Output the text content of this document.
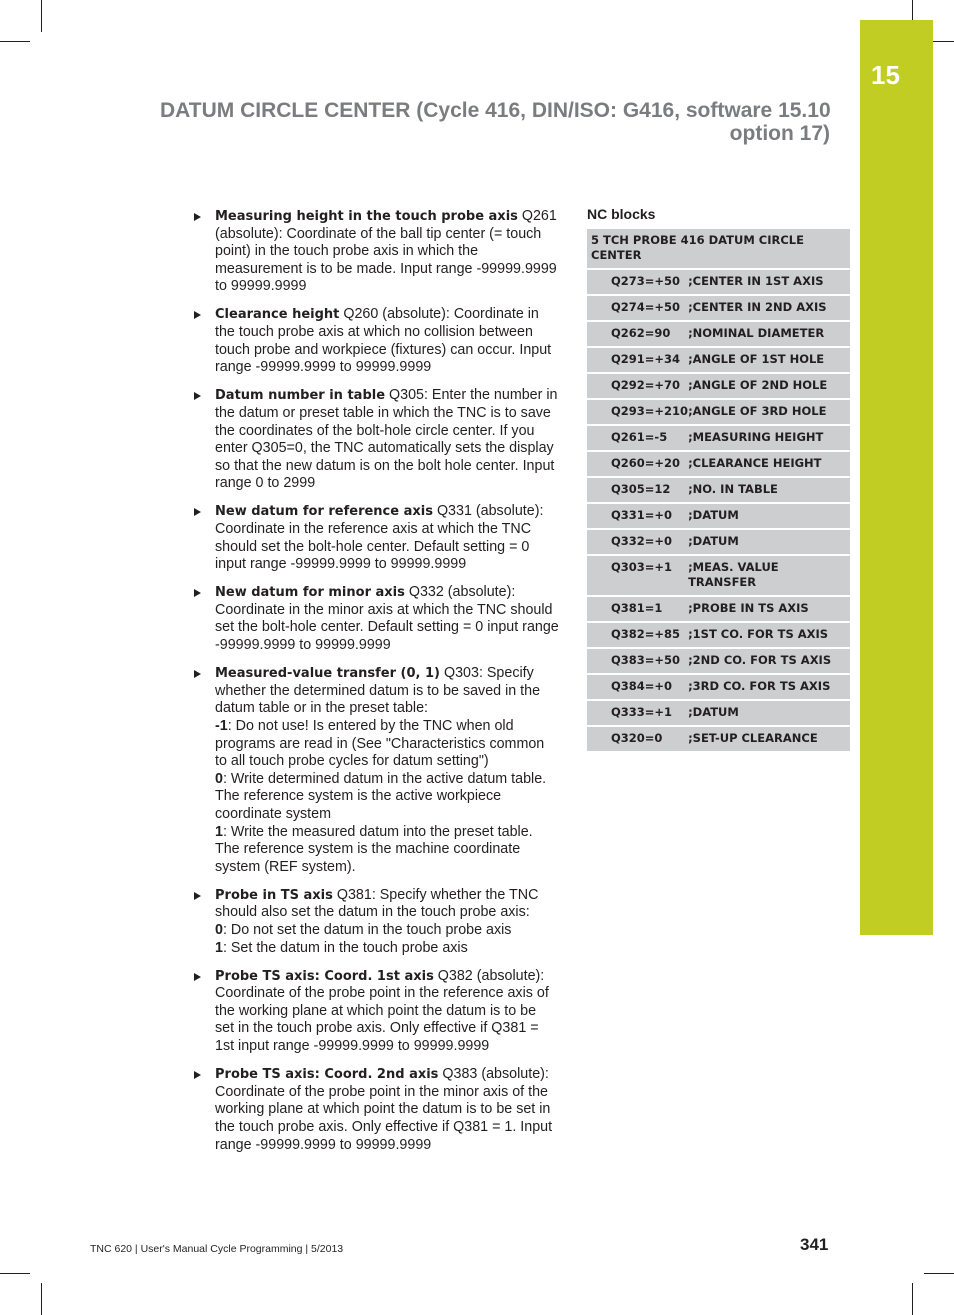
15
DATUM CIRCLE CENTER (Cycle 416, DIN/ISO: G416, software 15.10
option 17)
Measuring height in the touch probe axis Q261 (absolute): Coordinate of the ball tip center (= touch point) in the touch probe axis in which the measurement is to be made. Input range -99999.9999 to 99999.9999
Clearance height Q260 (absolute): Coordinate in the touch probe axis at which no collision between touch probe and workpiece (fixtures) can occur. Input range -99999.9999 to 99999.9999
Datum number in table Q305: Enter the number in the datum or preset table in which the TNC is to save the coordinates of the bolt-hole circle center. If you enter Q305=0, the TNC automatically sets the display so that the new datum is on the bolt hole center. Input range 0 to 2999
New datum for reference axis Q331 (absolute): Coordinate in the reference axis at which the TNC should set the bolt-hole center. Default setting = 0 input range -99999.9999 to 99999.9999
New datum for minor axis Q332 (absolute): Coordinate in the minor axis at which the TNC should set the bolt-hole center. Default setting = 0 input range -99999.9999 to 99999.9999
Measured-value transfer (0, 1) Q303: Specify whether the determined datum is to be saved in the datum table or in the preset table:
-1: Do not use! Is entered by the TNC when old programs are read in (See "Characteristics common to all touch probe cycles for datum setting")
0: Write determined datum in the active datum table. The reference system is the active workpiece coordinate system
1: Write the measured datum into the preset table. The reference system is the machine coordinate system (REF system).
Probe in TS axis Q381: Specify whether the TNC should also set the datum in the touch probe axis:
0: Do not set the datum in the touch probe axis
1: Set the datum in the touch probe axis
Probe TS axis: Coord. 1st axis Q382 (absolute): Coordinate of the probe point in the reference axis of the working plane at which point the datum is to be set in the touch probe axis. Only effective if Q381 = 1st input range -99999.9999 to 99999.9999
Probe TS axis: Coord. 2nd axis Q383 (absolute): Coordinate of the probe point in the minor axis of the working plane at which point the datum is to be set in the touch probe axis. Only effective if Q381 = 1. Input range -99999.9999 to 99999.9999
NC blocks
5 TCH PROBE 416 DATUM CIRCLE CENTER	
Q273=+50	;CENTER IN 1ST AXIS
Q274=+50	;CENTER IN 2ND AXIS
Q262=90	;NOMINAL DIAMETER
Q291=+34	;ANGLE OF 1ST HOLE
Q292=+70	;ANGLE OF 2ND HOLE
Q293=+210	;ANGLE OF 3RD HOLE
Q261=-5	;MEASURING HEIGHT
Q260=+20	;CLEARANCE HEIGHT
Q305=12	;NO. IN TABLE
Q331=+0	;DATUM
Q332=+0	;DATUM
Q303=+1	;MEAS. VALUE TRANSFER
Q381=1	;PROBE IN TS AXIS
Q382=+85	;1ST CO. FOR TS AXIS
Q383=+50	;2ND CO. FOR TS AXIS
Q384=+0	;3RD CO. FOR TS AXIS
Q333=+1	;DATUM
Q320=0	;SET-UP CLEARANCE
TNC 620 | User's Manual Cycle Programming | 5/2013	341
